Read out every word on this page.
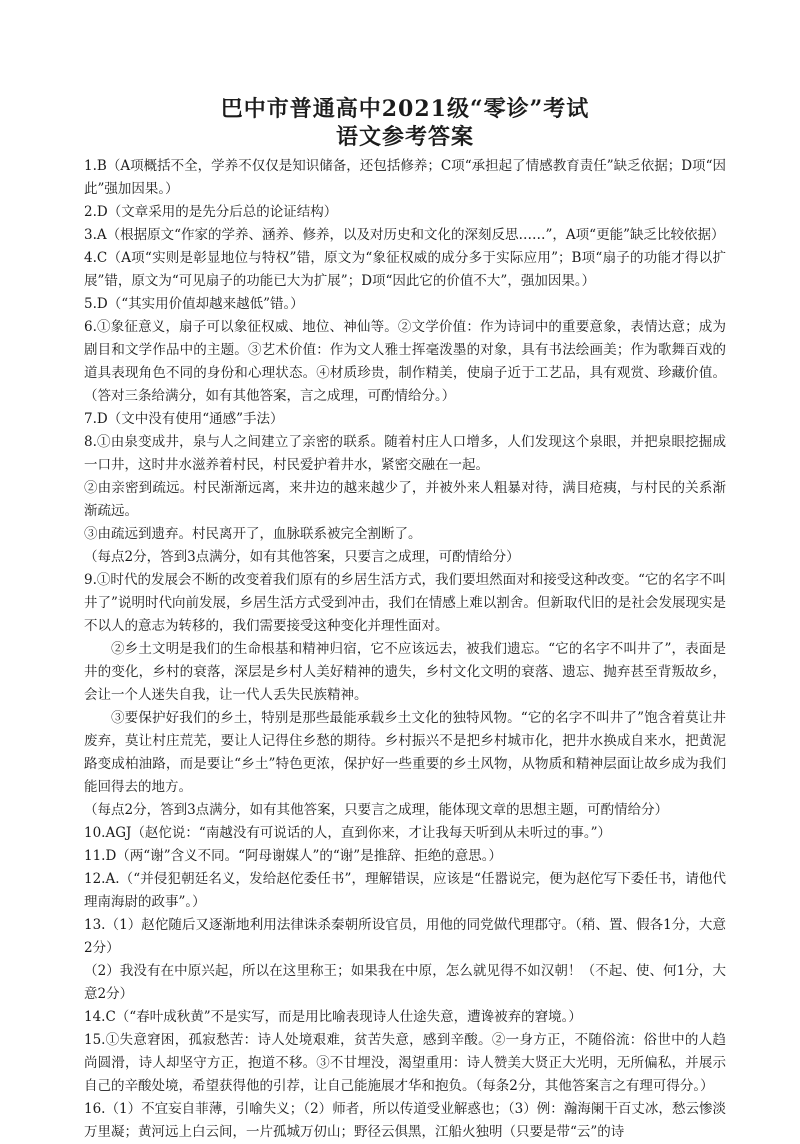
巴中市普通高中2021级“零诊”考试
语文参考答案

1.B（A项概括不全，学养不仅仅是知识储备，还包括修养；C项“承担起了情感教育责任”缺乏依据；D项“因此”强加因果。）

2.D（文章采用的是先分后总的论证结构）

3.A（根据原文“作家的学养、涵养、修养，以及对历史和文化的深刻反思……”，A项“更能”缺乏比较依据）

4.C（A项“实则是彰显地位与特权”错，原文为“象征权威的成分多于实际应用”；B项“扇子的功能才得以扩展”错，原文为“可见扇子的功能已大为扩展”；D项“因此它的价值不大”，强加因果。）

5.D（“其实用价值却越来越低”错。）

6.①象征意义，扇子可以象征权威、地位、神仙等。②文学价值：作为诗词中的重要意象，表情达意；成为剧目和文学作品中的主题。③艺术价值：作为文人雅士挥毫泼墨的对象，具有书法绘画美；作为歌舞百戏的道具表现角色不同的身份和心理状态。④材质珍贵，制作精美，使扇子近于工艺品，具有观赏、珍藏价值。（答对三条给满分，如有其他答案，言之成理，可酌情给分。）

7.D（文中没有使用“通感”手法）

8.①由泉变成井，泉与人之间建立了亲密的联系。随着村庄人口增多，人们发现这个泉眼，并把泉眼挖掘成一口井，这时井水滋养着村民，村民爱护着井水，紧密交融在一起。

②由亲密到疏远。村民渐渐远离，来井边的越来越少了，并被外来人粗暴对待，满目疮痍，与村民的关系渐渐疏远。

③由疏远到遗弃。村民离开了，血脉联系被完全割断了。

（每点2分，答到3点满分，如有其他答案，只要言之成理，可酌情给分）

9.①时代的发展会不断的改变着我们原有的乡居生活方式，我们要坦然面对和接受这种改变。“它的名字不叫井了”说明时代向前发展，乡居生活方式受到冲击，我们在情感上难以割舍。但新取代旧的是社会发展现实是不以人的意志为转移的，我们需要接受这种变化并理性面对。

②乡土文明是我们的生命根基和精神归宿，它不应该远去，被我们遗忘。“它的名字不叫井了”，表面是井的变化，乡村的衰落，深层是乡村人美好精神的遗失，乡村文化文明的衰落、遗忘、抛弃甚至背叛故乡，会让一个人迷失自我，让一代人丢失民族精神。

③要保护好我们的乡土，特别是那些最能承载乡土文化的独特风物。“它的名字不叫井了”饱含着莫让井废弃，莫让村庄荒芜，要让人记得住乡愁的期待。乡村振兴不是把乡村城市化，把井水换成自来水，把黄泥路变成柏油路，而是要让“乡土”特色更浓，保护好一些重要的乡土风物，从物质和精神层面让故乡成为我们能回得去的地方。

（每点2分，答到3点满分，如有其他答案，只要言之成理，能体现文章的思想主题，可酌情给分）

10.AGJ（赵佗说：“南越没有可说话的人，直到你来，才让我每天听到从未听过的事。”）

11.D（两“谢”含义不同。“阿母谢媒人”的“谢”是推辞、拒绝的意思。）

12.A.（“并侵犯朝廷名义，发给赵佗委任书”，理解错误，应该是“任嚣说完，便为赵佗写下委任书，请他代理南海尉的政事”。）

13.（1）赵佗随后又逐渐地利用法律诛杀秦朝所设官员，用他的同党做代理郡守。（稍、置、假各1分，大意2分）

（2）我没有在中原兴起，所以在这里称王；如果我在中原，怎么就见得不如汉朝！（不起、使、何1分，大意2分）

14.C（“春叶成秋黄”不是实写，而是用比喻表现诗人仕途失意，遭谗被弃的窘境。）

15.①失意窘困，孤寂愁苦：诗人处境艰难，贫苦失意，感到辛酸。②一身方正，不随俗流：俗世中的人趋尚圆滑，诗人却坚守方正，抱道不移。③不甘埋没，渴望重用：诗人赞美大贤正大光明，无所偏私，并展示自己的辛酸处境，希望获得他的引荐，让自己能施展才华和抱负。（每条2分，其他答案言之有理可得分。）

16.（1）不宜妄自菲薄，引喻失义；（2）师者，所以传道受业解惑也；（3）例：瀚海阑干百丈冰，愁云惨淡万里凝；黄河远上白云间，一片孤城万仞山；野径云俱黑，江船火独明（只要是带“云”的诗
